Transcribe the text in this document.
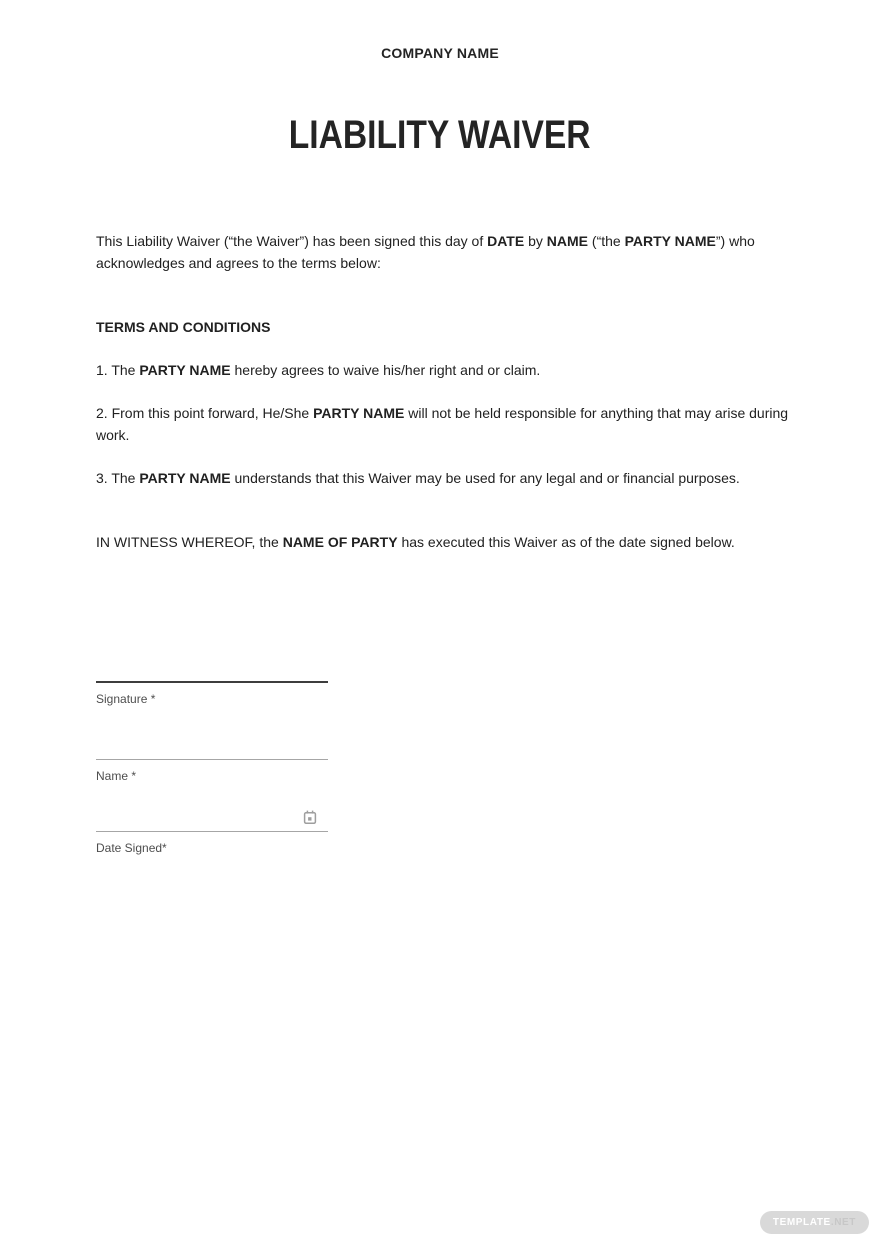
COMPANY NAME
LIABILITY WAIVER

This Liability Waiver (“the Waiver”) has been signed this day of DATE by NAME (“the PARTY NAME”) who acknowledges and agrees to the terms below:

TERMS AND CONDITIONS

1. The PARTY NAME hereby agrees to waive his/her right and or claim.

2. From this point forward, He/She PARTY NAME will not be held responsible for anything that may arise during work.

3. The PARTY NAME understands that this Waiver may be used for any legal and or financial purposes.

IN WITNESS WHEREOF, the NAME OF PARTY has executed this Waiver as of the date signed below.

Signature *
Name *
Date Signed*
TEMPLATE .NET
